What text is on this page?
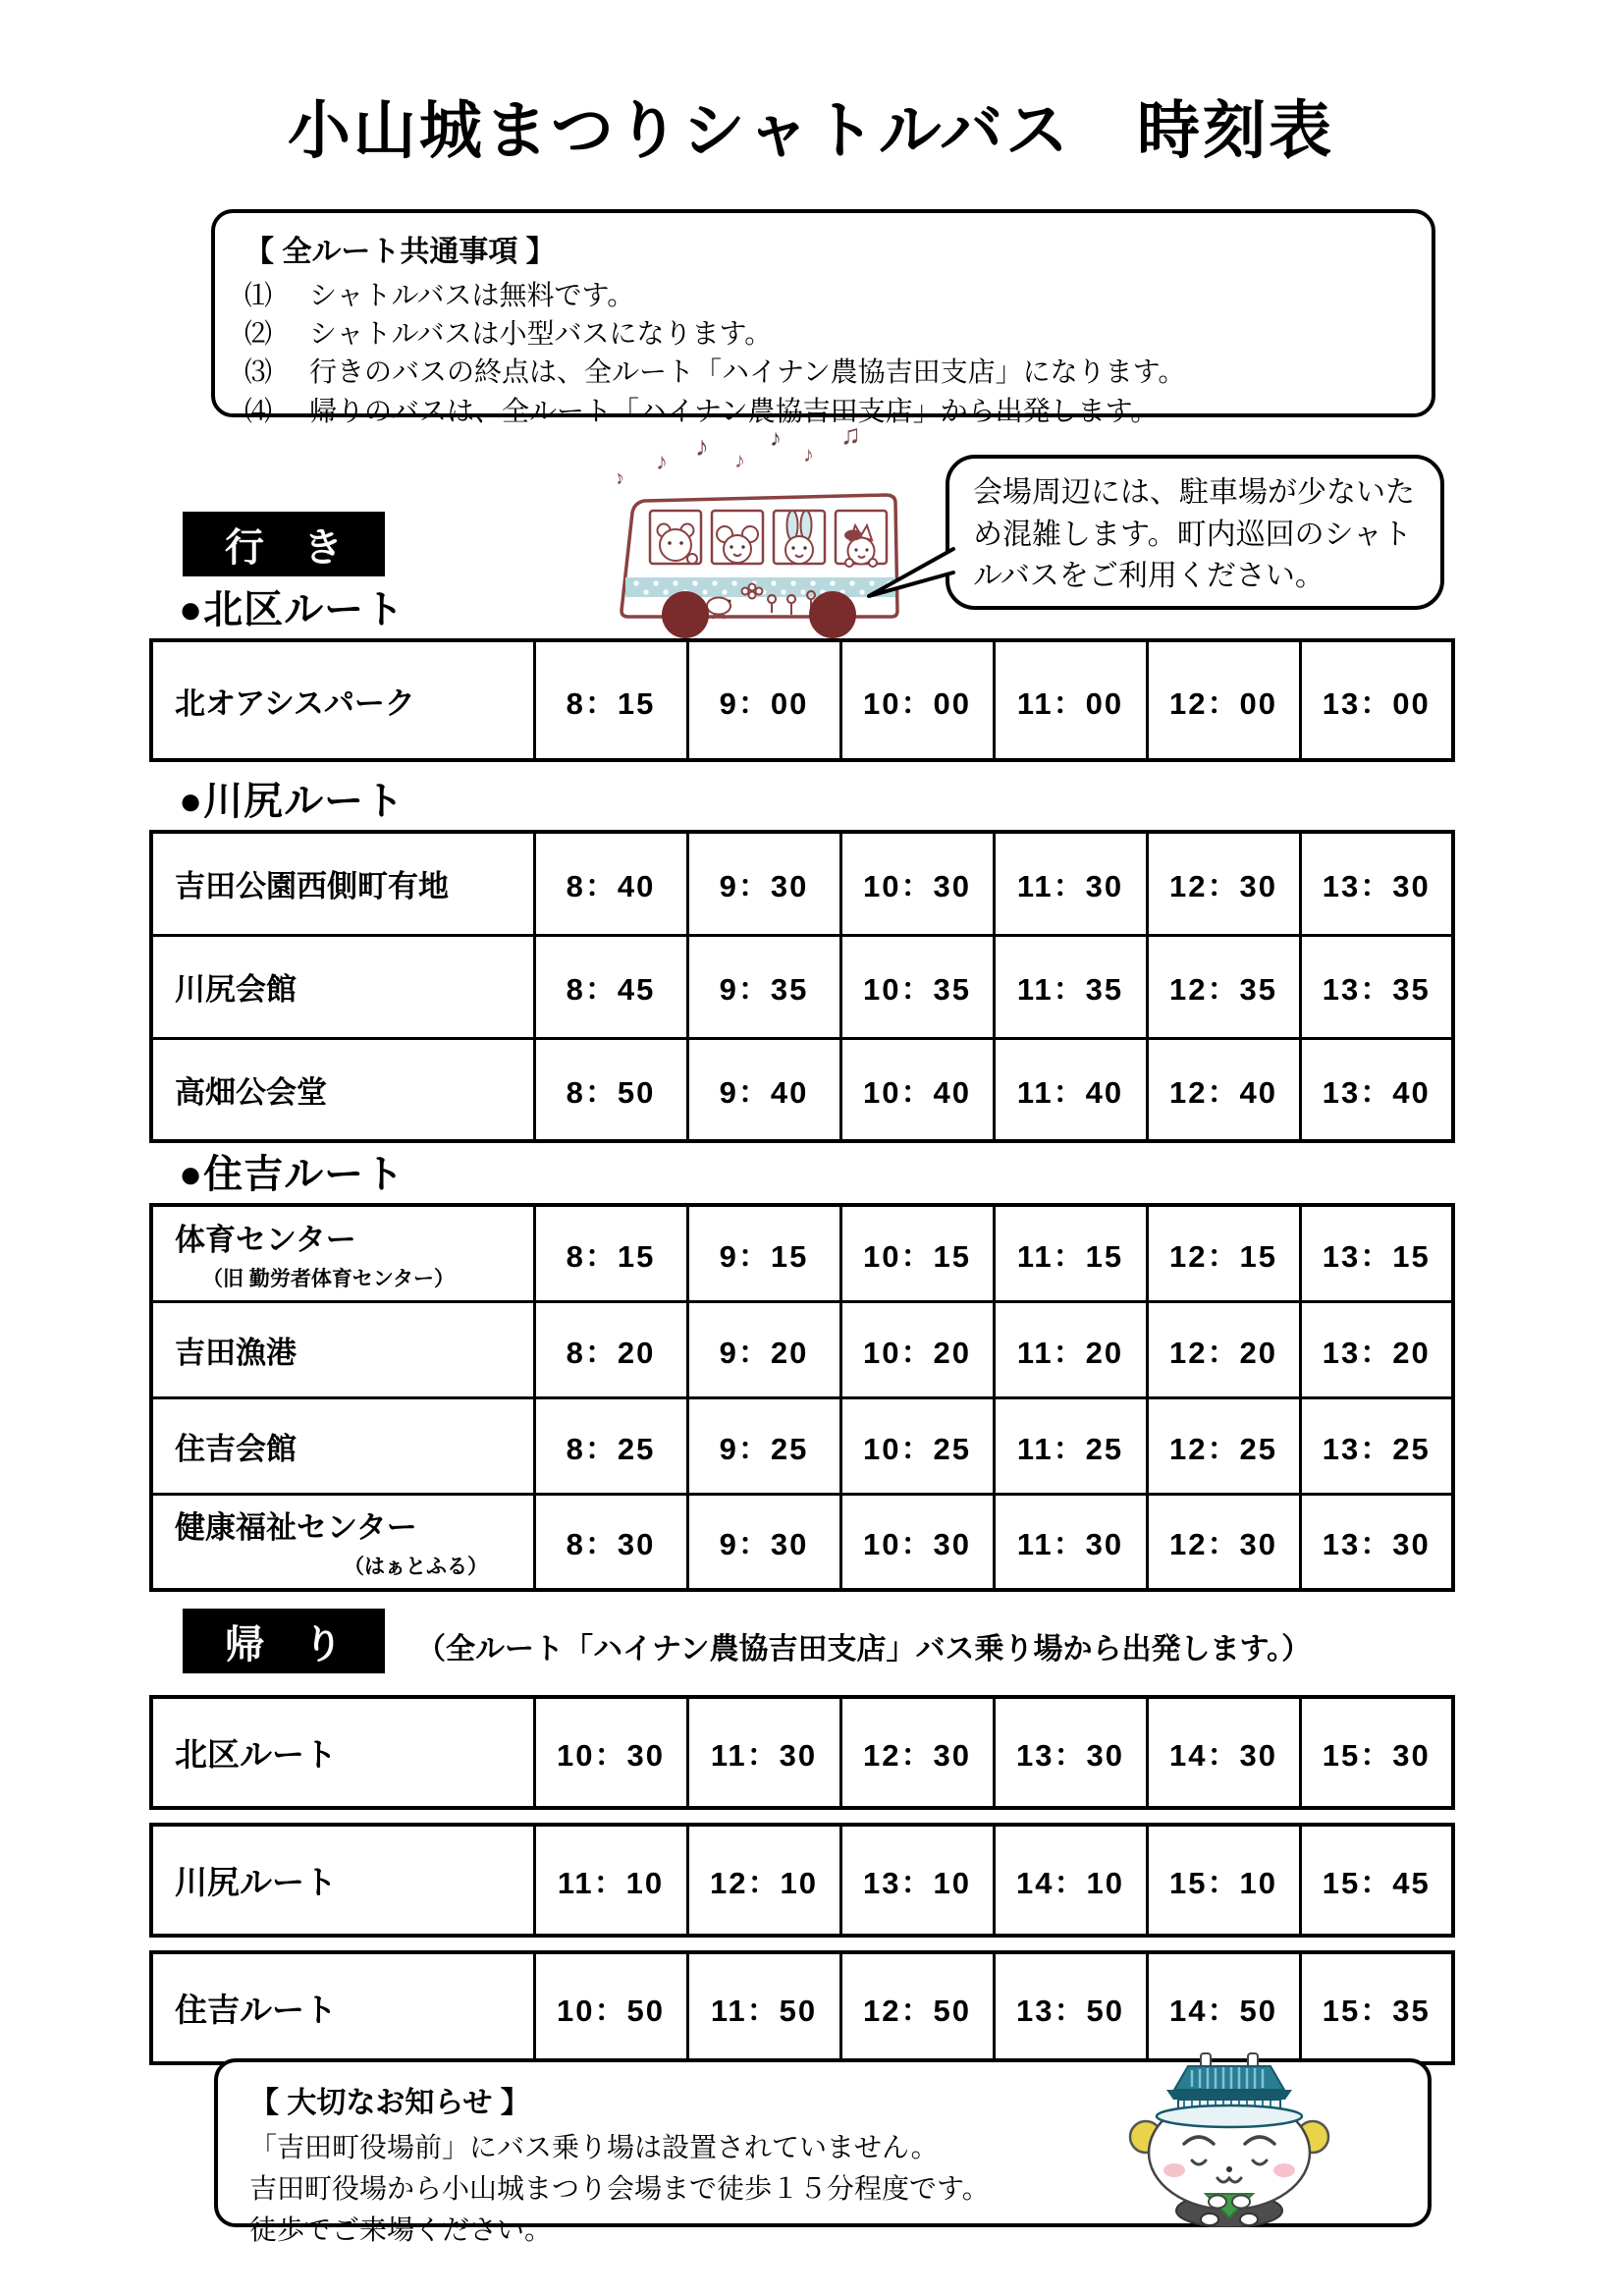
小山城まつりシャトルバス　時刻表
【 全ルート共通事項 】
⑴	シャトルバスは無料です。
⑵	シャトルバスは小型バスになります。
⑶	行きのバスの終点は、全ルート「ハイナン農協吉田支店」になります。
⑷	帰りのバスは、全ルート「ハイナン農協吉田支店」から出発します。
行　き
♪
♪
♪ ♪
♪
♪
♫
会場周辺には、駐車場が少ないため混雑します。町内巡回のシャトルバスをご利用ください。
●北区ルート
北オアシスパーク	8：15	9：00	10：00	11：00	12：00	13：00
●川尻ルート
吉田公園西側町有地	8：40	9：30	10：30	11：30	12：30	13：30

川尻会館	8：45	9：35	10：35	11：35	12：35	13：35

高畑公会堂	8：50	9：40	10：40	11：40	12：40	13：40
●住吉ルート
体育センター
（旧 勤労者体育センター）	8：15	9：15	10：15	11：15	12：15	13：15

吉田漁港	8：20	9：20	10：20	11：20	12：20	13：20

住吉会館	8：25	9：25	10：25	11：25	12：25	13：25

健康福祉センター
（はぁとふる）	8：30	9：30	10：30	11：30	12：30	13：30
帰　り	（全ルート「ハイナン農協吉田支店」バス乗り場から出発します。）
北区ルート	10：30	11：30	12：30	13：30	14：30	15：30
川尻ルート	11：10	12：10	13：10	14：10	15：10	15：45
住吉ルート	10：50	11：50	12：50	13：50	14：50	15：35
【 大切なお知らせ 】
「吉田町役場前」にバス乗り場は設置されていません。
吉田町役場から小山城まつり会場まで徒歩１５分程度です。
徒歩でご来場ください。
